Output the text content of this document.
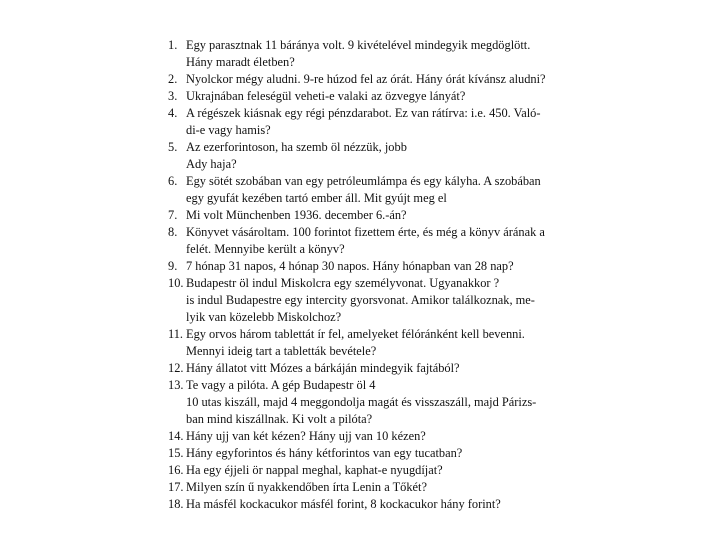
1. Egy parasztnak 11 báránya volt. 9 kivételével mindegyik megdöglött.
Hány maradt életben?
2. Nyolckor mégy aludni. 9-re húzod fel az órát. Hány órát kívánsz aludni?
3. Ukrajnában feleségül veheti-e valaki az özvegye lányát?
4. A régészek kiásnak egy régi pénzdarabot. Ez van rátírva: i.e. 450. Való-
di-e vagy hamis?
5. Az ezerforintoson, ha szemb öl nézzük, jobb
Ady haja?
6. Egy sötét szobában van egy petróleumlámpa és egy kályha. A szobában
egy gyufát kezében tartó ember áll. Mit gyújt meg el
7. Mi volt Münchenben 1936. december 6.-án?
8. Könyvet vásároltam. 100 forintot fizettem érte, és még a könyv árának a
felét. Mennyibe került a könyv?
9. 7 hónap 31 napos, 4 hónap 30 napos. Hány hónapban van 28 nap?
10. Budapestr öl indul Miskolcra egy személyvonat. Ugyanakkor ?
is indul Budapestre egy intercity gyorsvonat. Amikor találkoznak, me-
lyik van közelebb Miskolchoz?
11. Egy orvos három tablettát ír fel, amelyeket félóránként kell bevenni.
Mennyi ideig tart a tabletták bevétele?
12. Hány állatot vitt Mózes a bárkáján mindegyik fajtából?
13. Te vagy a pilóta. A gép Budapestr öl 4
10 utas kiszáll, majd 4 meggondolja magát és visszaszáll, majd Párizs-
ban mind kiszállnak. Ki volt a pilóta?
14. Hány ujj van két kézen? Hány ujj van 10 kézen?
15. Hány egyforintos és hány kétforintos van egy tucatban?
16. Ha egy éjjeli ör nappal meghal, kaphat-e nyugdíjat?
17. Milyen szín ű nyakkendőben írta Lenin a Tőkét?
18. Ha másfél kockacukor másfél forint, 8 kockacukor hány forint?
